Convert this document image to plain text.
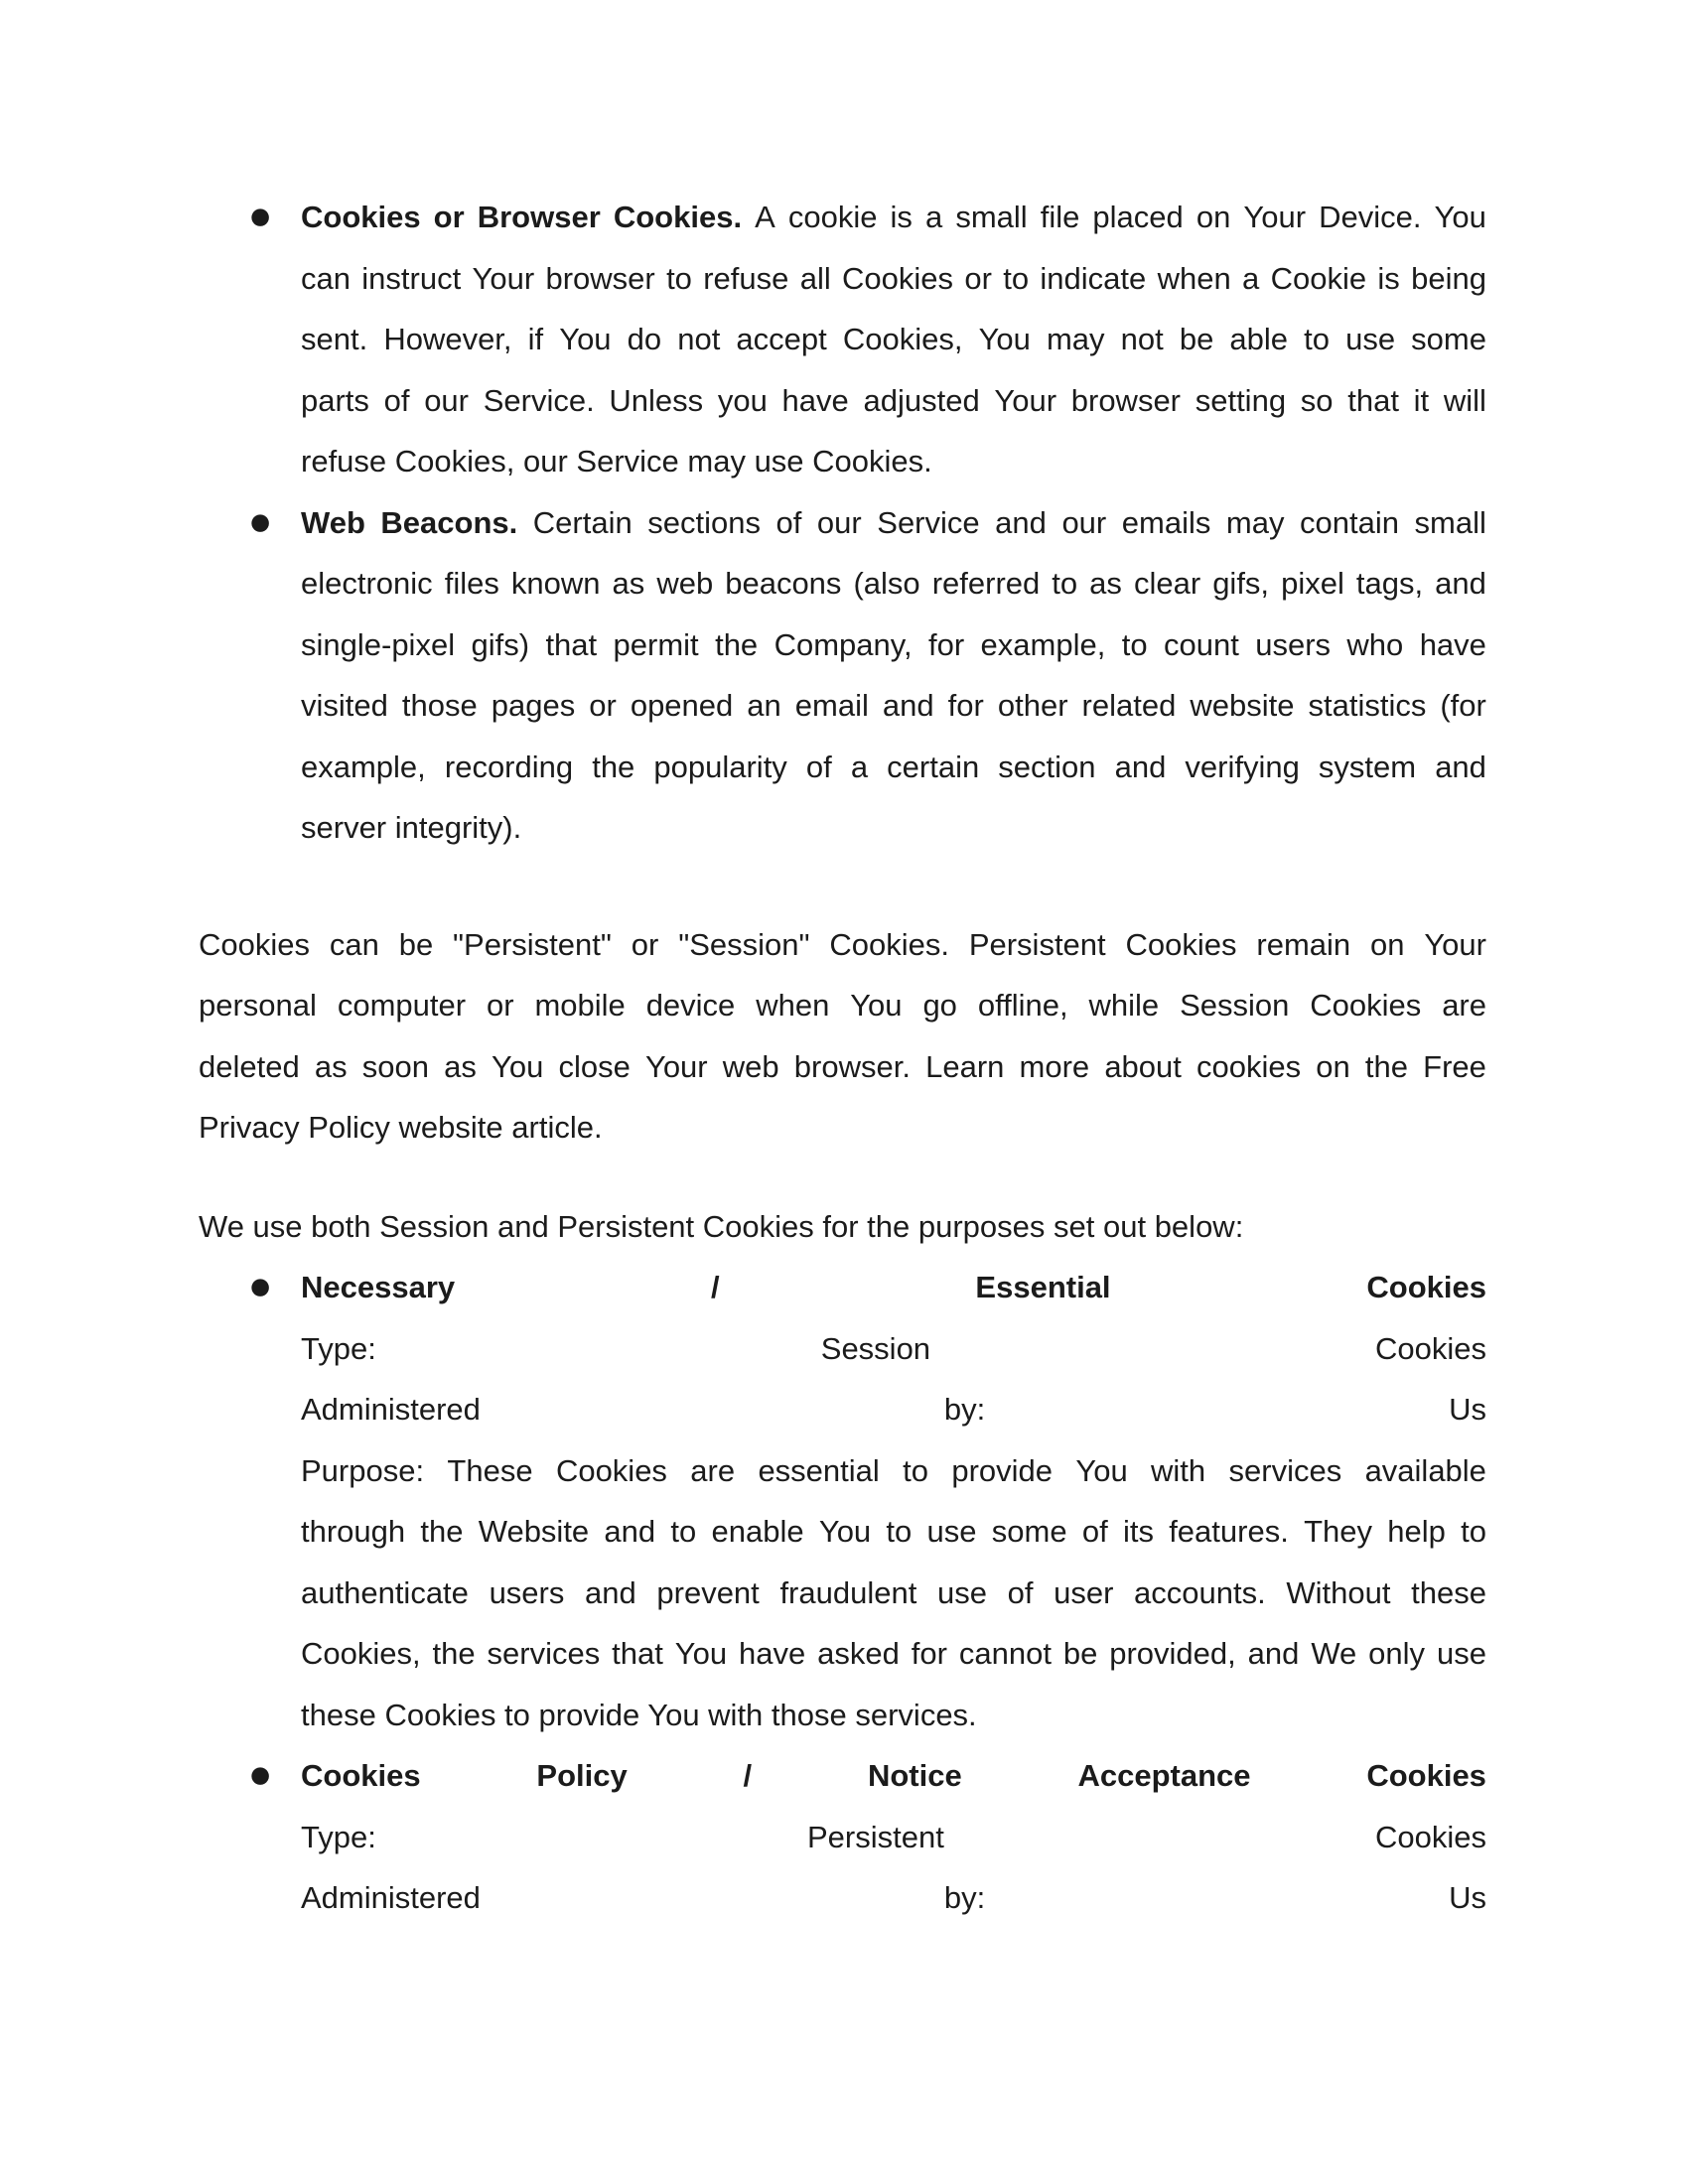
● Cookies or Browser Cookies. A cookie is a small file placed on Your Device. You
can instruct Your browser to refuse all Cookies or to indicate when a Cookie is being
sent. However, if You do not accept Cookies, You may not be able to use some
parts of our Service. Unless you have adjusted Your browser setting so that it will
refuse Cookies, our Service may use Cookies.
● Web Beacons. Certain sections of our Service and our emails may contain small
electronic files known as web beacons (also referred to as clear gifs, pixel tags, and
single-pixel gifs) that permit the Company, for example, to count users who have
visited those pages or opened an email and for other related website statistics (for
example, recording the popularity of a certain section and verifying system and
server integrity).
Cookies can be "Persistent" or "Session" Cookies. Persistent Cookies remain on Your
personal computer or mobile device when You go offline, while Session Cookies are
deleted as soon as You close Your web browser. Learn more about cookies on the Free
Privacy Policy website article.
We use both Session and Persistent Cookies for the purposes set out below:
● Necessary	/	Essential	Cookies
Type:	Session	Cookies
Administered	by:	Us
Purpose: These Cookies are essential to provide You with services available
through the Website and to enable You to use some of its features. They help to
authenticate users and prevent fraudulent use of user accounts. Without these
Cookies, the services that You have asked for cannot be provided, and We only use
these Cookies to provide You with those services.
● Cookies	Policy	/	Notice	Acceptance	Cookies
Type:	Persistent	Cookies
Administered	by:	Us
